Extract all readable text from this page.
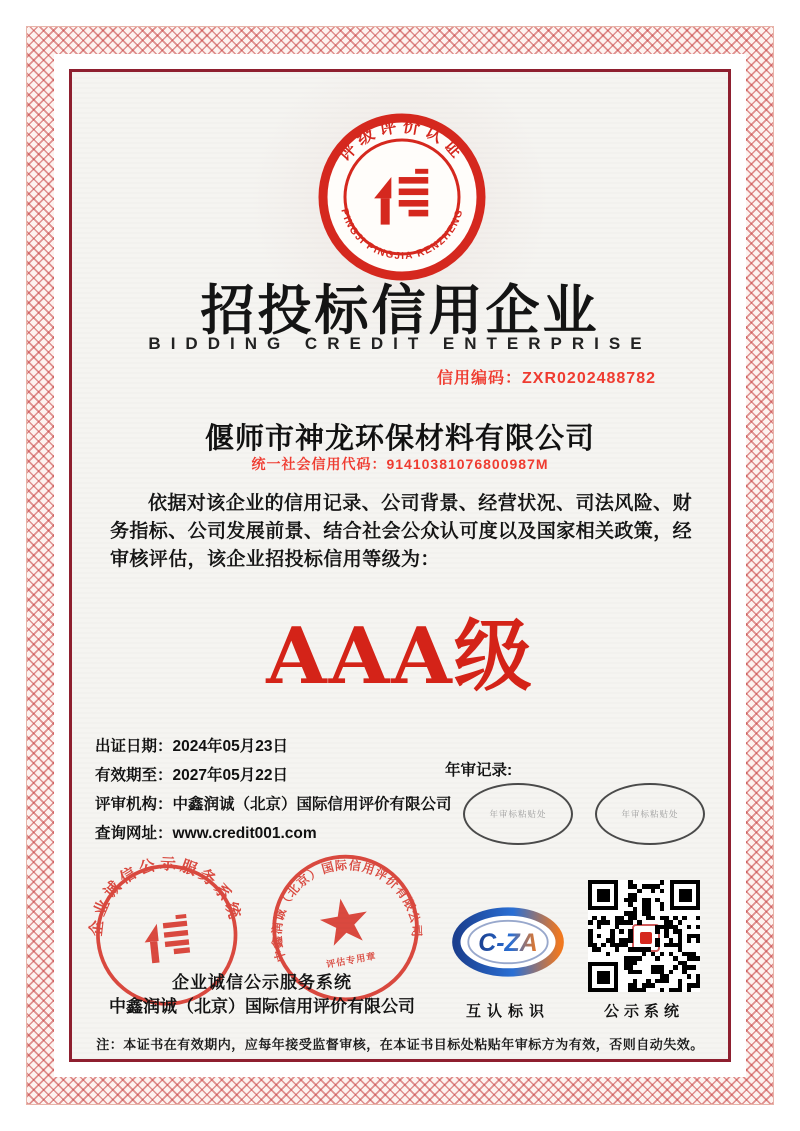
评级评价认证
PINGJI PINGJIA RENZHENG
招投标信用企业
BIDDING CREDIT ENTERPRISE
信用编码：ZXR0202488782
偃师市神龙环保材料有限公司
统一社会信用代码：91410381076800987M

依据对该企业的信用记录、公司背景、经营状况、司法风险、财务指标、公司发展前景、结合社会公众认可度以及国家相关政策，经审核评估，该企业招投标信用等级为：

AAA级
出证日期：2024年05月23日
有效期至：2027年05月22日
评审机构：中鑫润诚（北京）国际信用评价有限公司
查询网址：www.credit001.com
年审记录:
年审标粘贴处	年审标粘贴处
企业诚信公示服务系统
中鑫润诚（北京）国际信用评价有限公司
评估专用章
企业诚信公示服务系统
中鑫润诚（北京）国际信用评价有限公司
C-ZA
互认标识	公示系统
注：本证书在有效期内，应每年接受监督审核，在本证书目标处粘贴年审标方为有效，否则自动失效。
